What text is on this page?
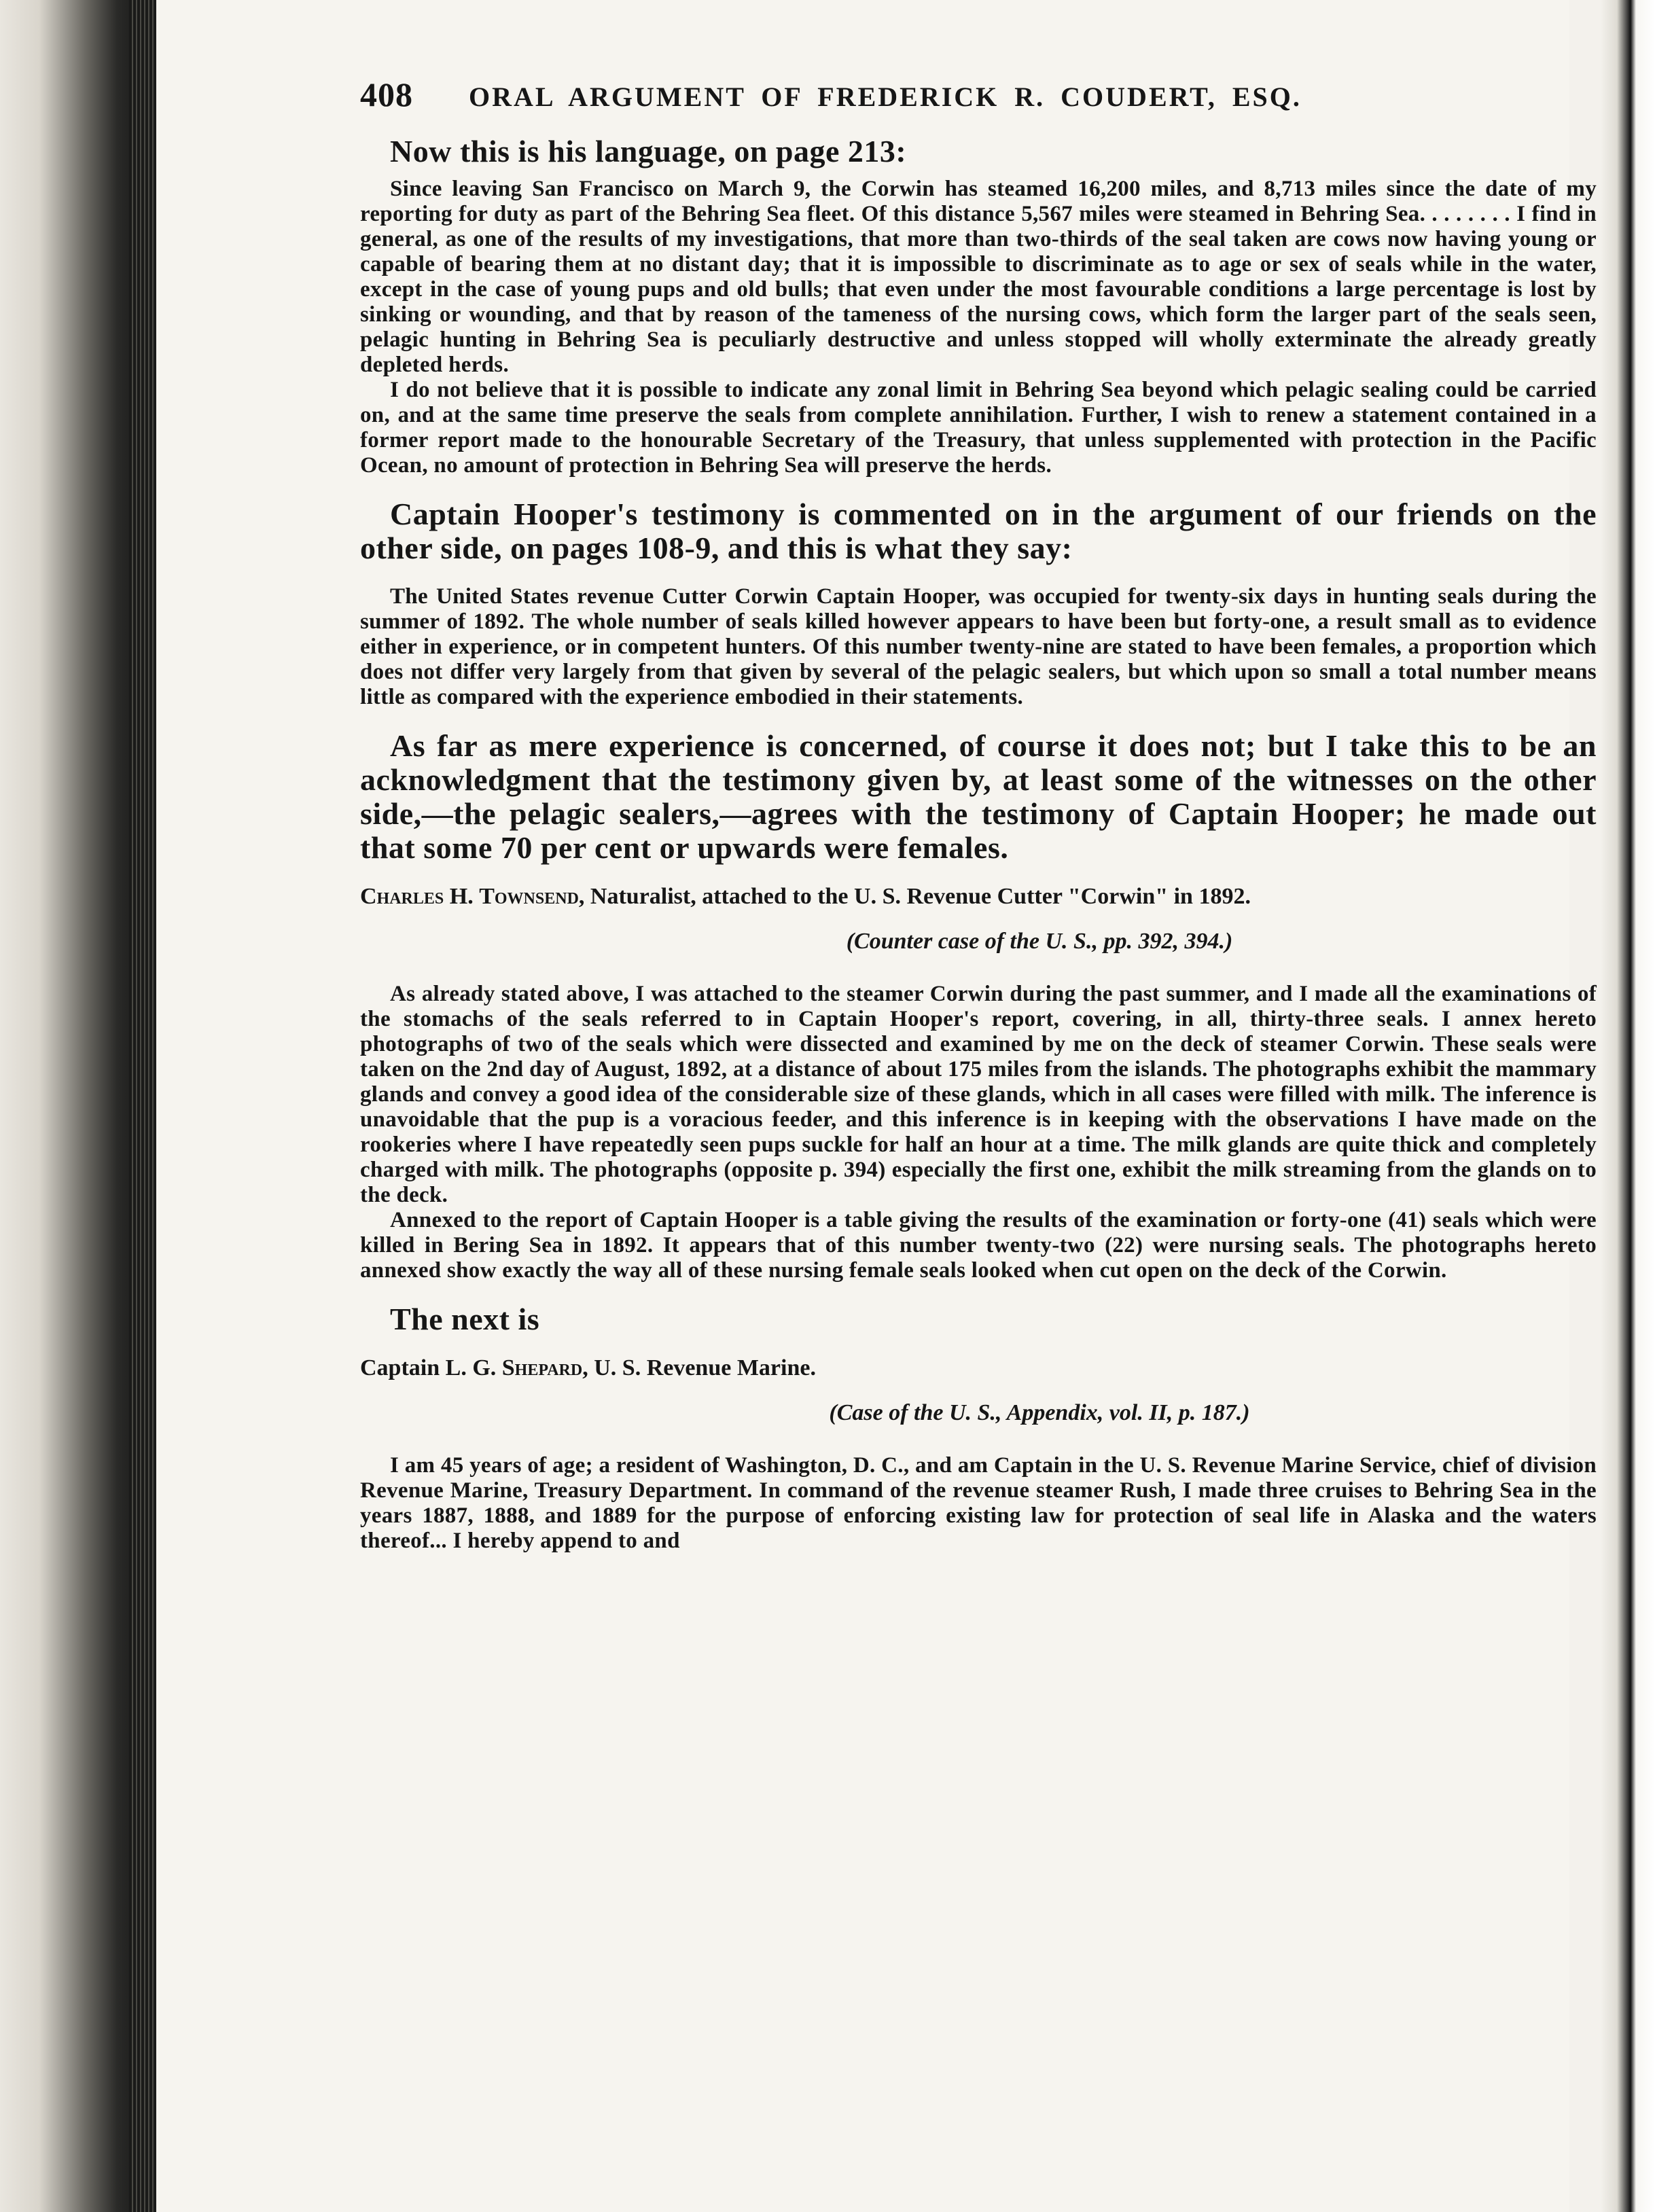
408	ORAL ARGUMENT OF FREDERICK R. COUDERT, ESQ.

Now this is his language, on page 213:

Since leaving San Francisco on March 9, the Corwin has steamed 16,200 miles, and 8,713 miles since the date of my reporting for duty as part of the Behring Sea fleet. Of this distance 5,567 miles were steamed in Behring Sea. . . . . . . . I find in general, as one of the results of my investigations, that more than two-thirds of the seal taken are cows now having young or capable of bearing them at no distant day; that it is impossible to discriminate as to age or sex of seals while in the water, except in the case of young pups and old bulls; that even under the most favourable conditions a large percentage is lost by sinking or wounding, and that by reason of the tameness of the nursing cows, which form the larger part of the seals seen, pelagic hunting in Behring Sea is peculiarly destructive and unless stopped will wholly exterminate the already greatly depleted herds.

I do not believe that it is possible to indicate any zonal limit in Behring Sea beyond which pelagic sealing could be carried on, and at the same time preserve the seals from complete annihilation. Further, I wish to renew a statement contained in a former report made to the honourable Secretary of the Treasury, that unless supplemented with protection in the Pacific Ocean, no amount of protection in Behring Sea will preserve the herds.

Captain Hooper's testimony is commented on in the argument of our friends on the other side, on pages 108-9, and this is what they say:

The United States revenue Cutter Corwin Captain Hooper, was occupied for twenty-six days in hunting seals during the summer of 1892. The whole number of seals killed however appears to have been but forty-one, a result small as to evidence either in experience, or in competent hunters. Of this number twenty-nine are stated to have been females, a proportion which does not differ very largely from that given by several of the pelagic sealers, but which upon so small a total number means little as compared with the experience embodied in their statements.

As far as mere experience is concerned, of course it does not; but I take this to be an acknowledgment that the testimony given by, at least some of the witnesses on the other side,—the pelagic sealers,—agrees with the testimony of Captain Hooper; he made out that some 70 per cent or upwards were females.

Charles H. Townsend, Naturalist, attached to the U. S. Revenue Cutter "Corwin" in 1892.

(Counter case of the U. S., pp. 392, 394.)

As already stated above, I was attached to the steamer Corwin during the past summer, and I made all the examinations of the stomachs of the seals referred to in Captain Hooper's report, covering, in all, thirty-three seals. I annex hereto photographs of two of the seals which were dissected and examined by me on the deck of steamer Corwin. These seals were taken on the 2nd day of August, 1892, at a distance of about 175 miles from the islands. The photographs exhibit the mammary glands and convey a good idea of the considerable size of these glands, which in all cases were filled with milk. The inference is unavoidable that the pup is a voracious feeder, and this inference is in keeping with the observations I have made on the rookeries where I have repeatedly seen pups suckle for half an hour at a time. The milk glands are quite thick and completely charged with milk. The photographs (opposite p. 394) especially the first one, exhibit the milk streaming from the glands on to the deck.

Annexed to the report of Captain Hooper is a table giving the results of the examination or forty-one (41) seals which were killed in Bering Sea in 1892. It appears that of this number twenty-two (22) were nursing seals. The photographs hereto annexed show exactly the way all of these nursing female seals looked when cut open on the deck of the Corwin.

The next is

Captain L. G. Shepard, U. S. Revenue Marine.

(Case of the U. S., Appendix, vol. II, p. 187.)

I am 45 years of age; a resident of Washington, D. C., and am Captain in the U. S. Revenue Marine Service, chief of division Revenue Marine, Treasury Department. In command of the revenue steamer Rush, I made three cruises to Behring Sea in the years 1887, 1888, and 1889 for the purpose of enforcing existing law for protection of seal life in Alaska and the waters thereof... I hereby append to and
